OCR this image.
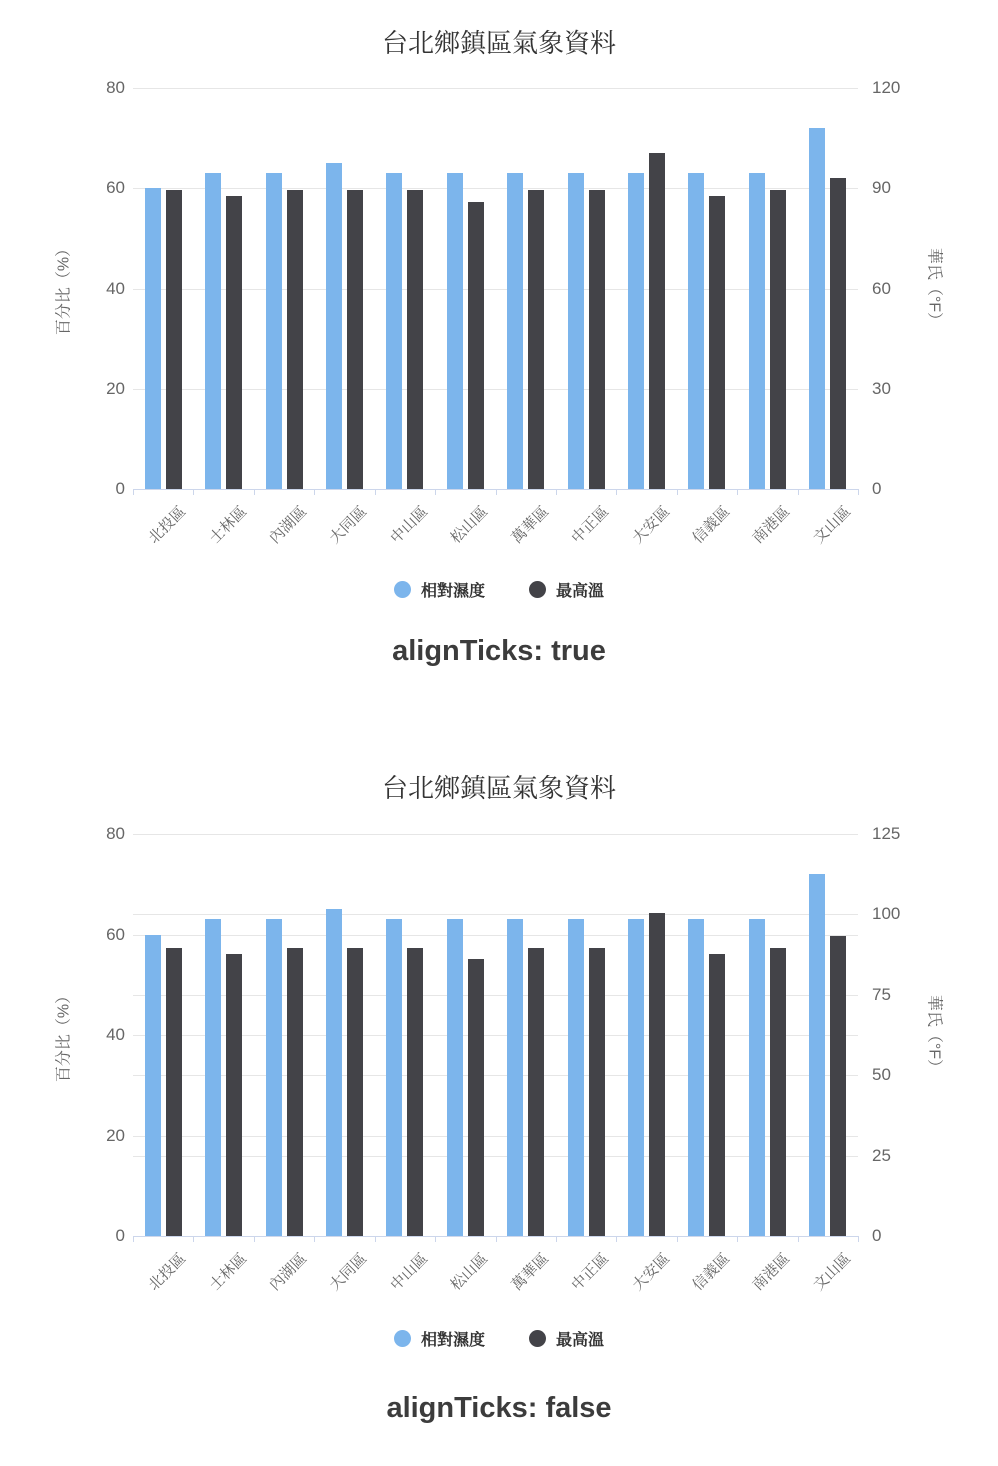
台北鄉鎮區氣象資料
百分比（%）	華氏（°F）
0
20
40
60
80
0
30
60
90
120
北投區	士林區	內湖區	大同區	中山區	松山區	萬華區	中正區	大安區	信義區	南港區	文山區
相對濕度	最高溫
alignTicks: true
台北鄉鎮區氣象資料
百分比（%）	華氏（°F）
0
20
40
60
80
0
25
50
75
100
125
北投區	士林區	內湖區	大同區	中山區	松山區	萬華區	中正區	大安區	信義區	南港區	文山區
相對濕度	最高溫
alignTicks: false
